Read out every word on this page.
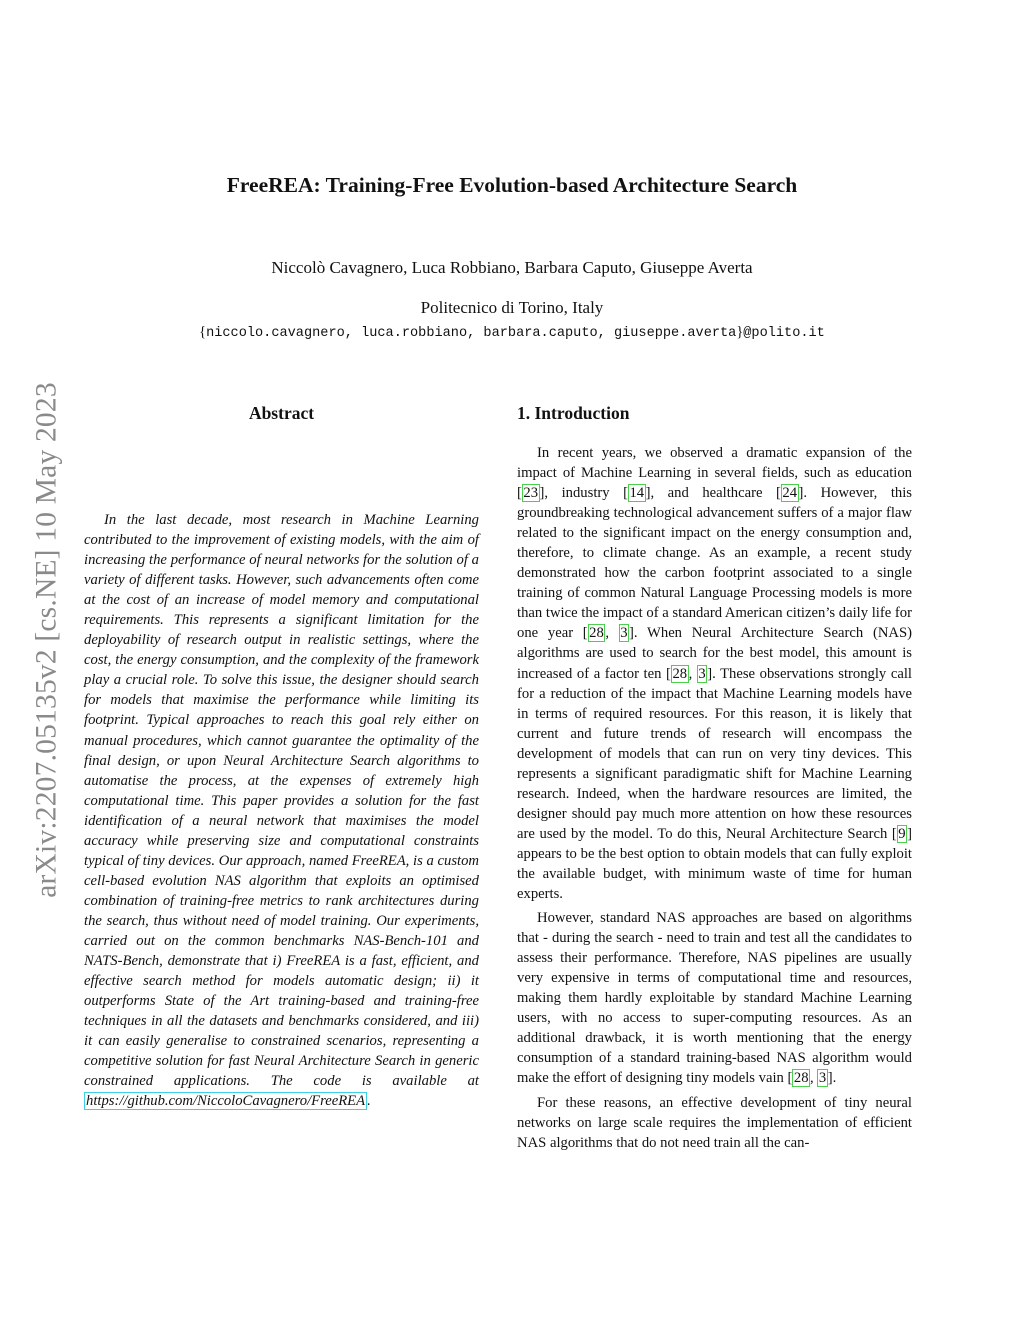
arXiv:2207.05135v2 [cs.NE] 10 May 2023
FreeREA: Training-Free Evolution-based Architecture Search
Niccolò Cavagnero, Luca Robbiano, Barbara Caputo, Giuseppe Averta
Politecnico di Torino, Italy
{niccolo.cavagnero, luca.robbiano, barbara.caputo, giuseppe.averta}@polito.it
Abstract

In the last decade, most research in Machine Learning contributed to the improvement of existing models, with the aim of increasing the performance of neural networks for the solution of a variety of different tasks. However, such advancements often come at the cost of an increase of model memory and computational requirements. This represents a significant limitation for the deployability of research output in realistic settings, where the cost, the energy consumption, and the complexity of the framework play a crucial role. To solve this issue, the designer should search for models that maximise the performance while limiting its footprint. Typical approaches to reach this goal rely either on manual procedures, which cannot guarantee the optimality of the final design, or upon Neural Architecture Search algorithms to automatise the process, at the expenses of extremely high computational time. This paper provides a solution for the fast identification of a neural network that maximises the model accuracy while preserving size and computational constraints typical of tiny devices. Our approach, named FreeREA, is a custom cell-based evolution NAS algorithm that exploits an optimised combination of training-free metrics to rank architectures during the search, thus without need of model training. Our experiments, carried out on the common benchmarks NAS-Bench-101 and NATS-Bench, demonstrate that i) FreeREA is a fast, efficient, and effective search method for models automatic design; ii) it outperforms State of the Art training-based and training-free techniques in all the datasets and benchmarks considered, and iii) it can easily generalise to constrained scenarios, representing a competitive solution for fast Neural Architecture Search in generic constrained applications. The code is available at https://github.com/NiccoloCavagnero/FreeREA .

1. Introduction

In recent years, we observed a dramatic expansion of the impact of Machine Learning in several fields, such as education [ 23 ], industry [ 14 ], and healthcare [ 24 ]. However, this groundbreaking technological advancement suffers of a major flaw related to the significant impact on the energy consumption and, therefore, to climate change. As an example, a recent study demonstrated how the carbon footprint associated to a single training of common Natural Language Processing models is more than twice the impact of a standard American citizen’s daily life for one year [ 28 , 3 ]. When Neural Architecture Search (NAS) algorithms are used to search for the best model, this amount is increased of a factor ten [ 28 , 3 ]. These observations strongly call for a reduction of the impact that Machine Learning models have in terms of required resources. For this reason, it is likely that current and future trends of research will encompass the development of models that can run on very tiny devices. This represents a significant paradigmatic shift for Machine Learning research. Indeed, when the hardware resources are limited, the designer should pay much more attention on how these resources are used by the model. To do this, Neural Architecture Search [ 9 ] appears to be the best option to obtain models that can fully exploit the available budget, with minimum waste of time for human experts.

However, standard NAS approaches are based on algorithms that - during the search - need to train and test all the candidates to assess their performance. Therefore, NAS pipelines are usually very expensive in terms of computational time and resources, making them hardly exploitable by standard Machine Learning users, with no access to super-computing resources. As an additional drawback, it is worth mentioning that the energy consumption of a standard training-based NAS algorithm would make the effort of designing tiny models vain [ 28 , 3 ].

For these reasons, an effective development of tiny neural networks on large scale requires the implementation of efficient NAS algorithms that do not need train all the can-
